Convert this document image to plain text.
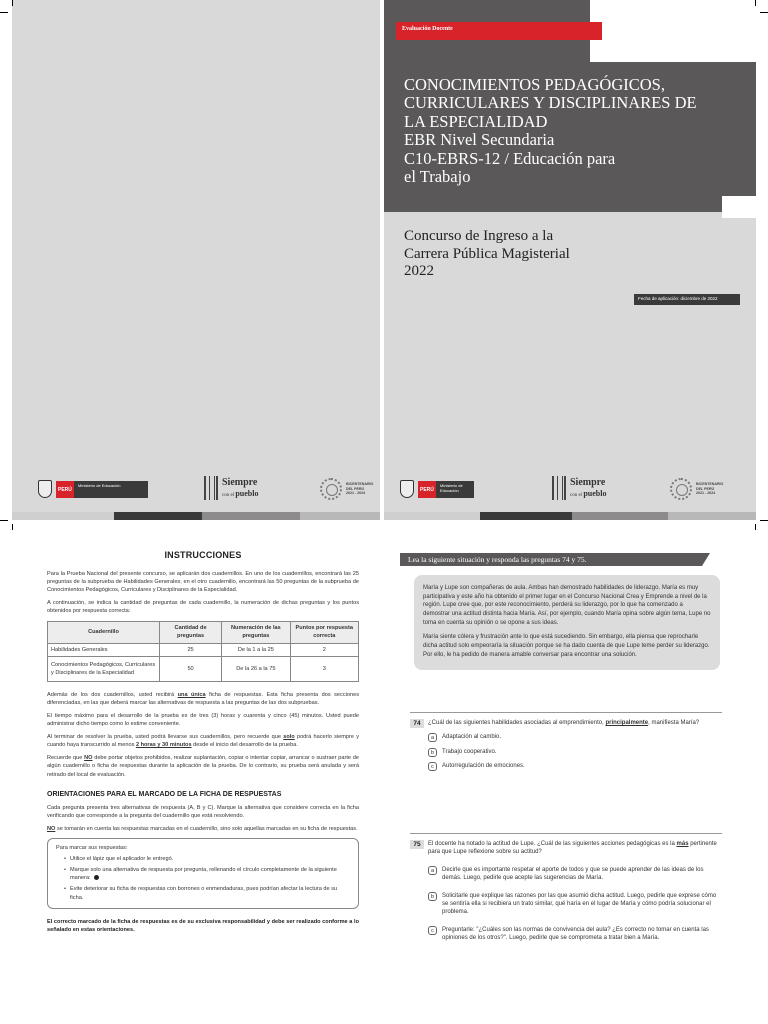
PERÚ
Ministerio de Educación	Siempre
con el pueblo
BICENTENARIO
DEL PERÚ
2021 - 2024
Evaluación Docente
CONOCIMIENTOS PEDAGÓGICOS,
CURRICULARES Y DISCIPLINARES DE
LA ESPECIALIDAD
EBR Nivel Secundaria
C10-EBRS-12 / Educación para
el Trabajo
Concurso de Ingreso a la
Carrera Pública Magisterial
2022
Fecha de aplicación: diciembre de 2022
PERÚ
Ministerio de Educación
Siempre
con el pueblo
BICENTENARIO
DEL PERÚ
2021 - 2024
INSTRUCCIONES

Para la Prueba Nacional del presente concurso, se aplicarán dos cuadernillos. En uno de los cuadernillos, encontrará las 25 preguntas de la subprueba de Habilidades Generales; en el otro cuadernillo, encontrará las 50 preguntas de la subprueba de Conocimientos Pedagógicos, Curriculares y Disciplinares de la Especialidad.

A continuación, se indica la cantidad de preguntas de cada cuadernillo, la numeración de dichas preguntas y los puntos obtenidos por respuesta correcta:

Cuadernillo	Cantidad de preguntas	Numeración de las preguntas	Puntos por respuesta correcta
Habilidades Generales	25	De la 1 a la 25	2
Conocimientos Pedagógicos, Curriculares y Disciplinares de la Especialidad	50	De la 26 a la 75	3

Además de los dos cuadernillos, usted recibirá una única ficha de respuestas. Esta ficha presenta dos secciones diferenciadas, en las que deberá marcar las alternativas de respuesta a las preguntas de las dos subpruebas.

El tiempo máximo para el desarrollo de la prueba es de tres (3) horas y cuarenta y cinco (45) minutos. Usted puede administrar dicho tiempo como lo estime conveniente.

Al terminar de resolver la prueba, usted podrá llevarse sus cuadernillos, pero recuerde que solo podrá hacerlo siempre y cuando haya transcurrido al menos 2 horas y 30 minutos desde el inicio del desarrollo de la prueba.

Recuerde que NO debe portar objetos prohibidos, realizar suplantación, copiar o intentar copiar, arrancar o sustraer parte de algún cuadernillo o ficha de respuestas durante la aplicación de la prueba. De lo contrario, su prueba será anulada y será retirado del local de evaluación.

ORIENTACIONES PARA EL MARCADO DE LA FICHA DE RESPUESTAS

Cada pregunta presenta tres alternativas de respuesta (A, B y C). Marque la alternativa que considere correcta en la ficha verificando que corresponde a la pregunta del cuadernillo que está resolviendo.

NO se tomarán en cuenta las respuestas marcadas en el cuadernillo, sino solo aquellas marcadas en su ficha de respuestas.

Para marcar sus respuestas:
• Utilice el lápiz que el aplicador le entregó.
• Marque solo una alternativa de respuesta por pregunta, rellenando el círculo completamente de la siguiente manera:
• Evite deteriorar su ficha de respuestas con borrones o enmendaduras, pues podrían afectar la lectura de su ficha.

El correcto marcado de la ficha de respuestas es de su exclusiva responsabilidad y debe ser realizado conforme a lo señalado en estas orientaciones.

Lea la siguiente situación y responda las preguntas 74 y 75.

María y Lupe son compañeras de aula. Ambas han demostrado habilidades de liderazgo. María es muy participativa y este año ha obtenido el primer lugar en el Concurso Nacional Crea y Emprende a nivel de la región. Lupe cree que, por este reconocimiento, perderá su liderazgo, por lo que ha comenzado a demostrar una actitud distinta hacia María. Así, por ejemplo, cuando María opina sobre algún tema, Lupe no toma en cuenta su opinión o se opone a sus ideas.

María siente cólera y frustración ante lo que está sucediendo. Sin embargo, ella piensa que reprocharle dicha actitud solo empeoraría la situación porque se ha dado cuenta de que Lupe teme perder su liderazgo. Por ello, le ha pedido de manera amable conversar para encontrar una solución.

74	¿Cuál de las siguientes habilidades asociadas al emprendimiento, principalmente, manifiesta María?
a	Adaptación al cambio.
b	Trabajo cooperativo.
c	Autorregulación de emociones.
75	El docente ha notado la actitud de Lupe. ¿Cuál de las siguientes acciones pedagógicas es la más pertinente para que Lupe reflexione sobre su actitud?
a	Decirle que es importante respetar el aporte de todos y que se puede aprender de las ideas de los demás. Luego, pedirle que acepte las sugerencias de María.
b	Solicitarle que explique las razones por las que asumió dicha actitud. Luego, pedirle que exprese cómo se sentiría ella si recibiera un trato similar, qué haría en el lugar de María y cómo podría solucionar el problema.
c	Preguntarle: "¿Cuáles son las normas de convivencia del aula? ¿Es correcto no tomar en cuenta las opiniones de los otros?". Luego, pedirle que se comprometa a tratar bien a María.
